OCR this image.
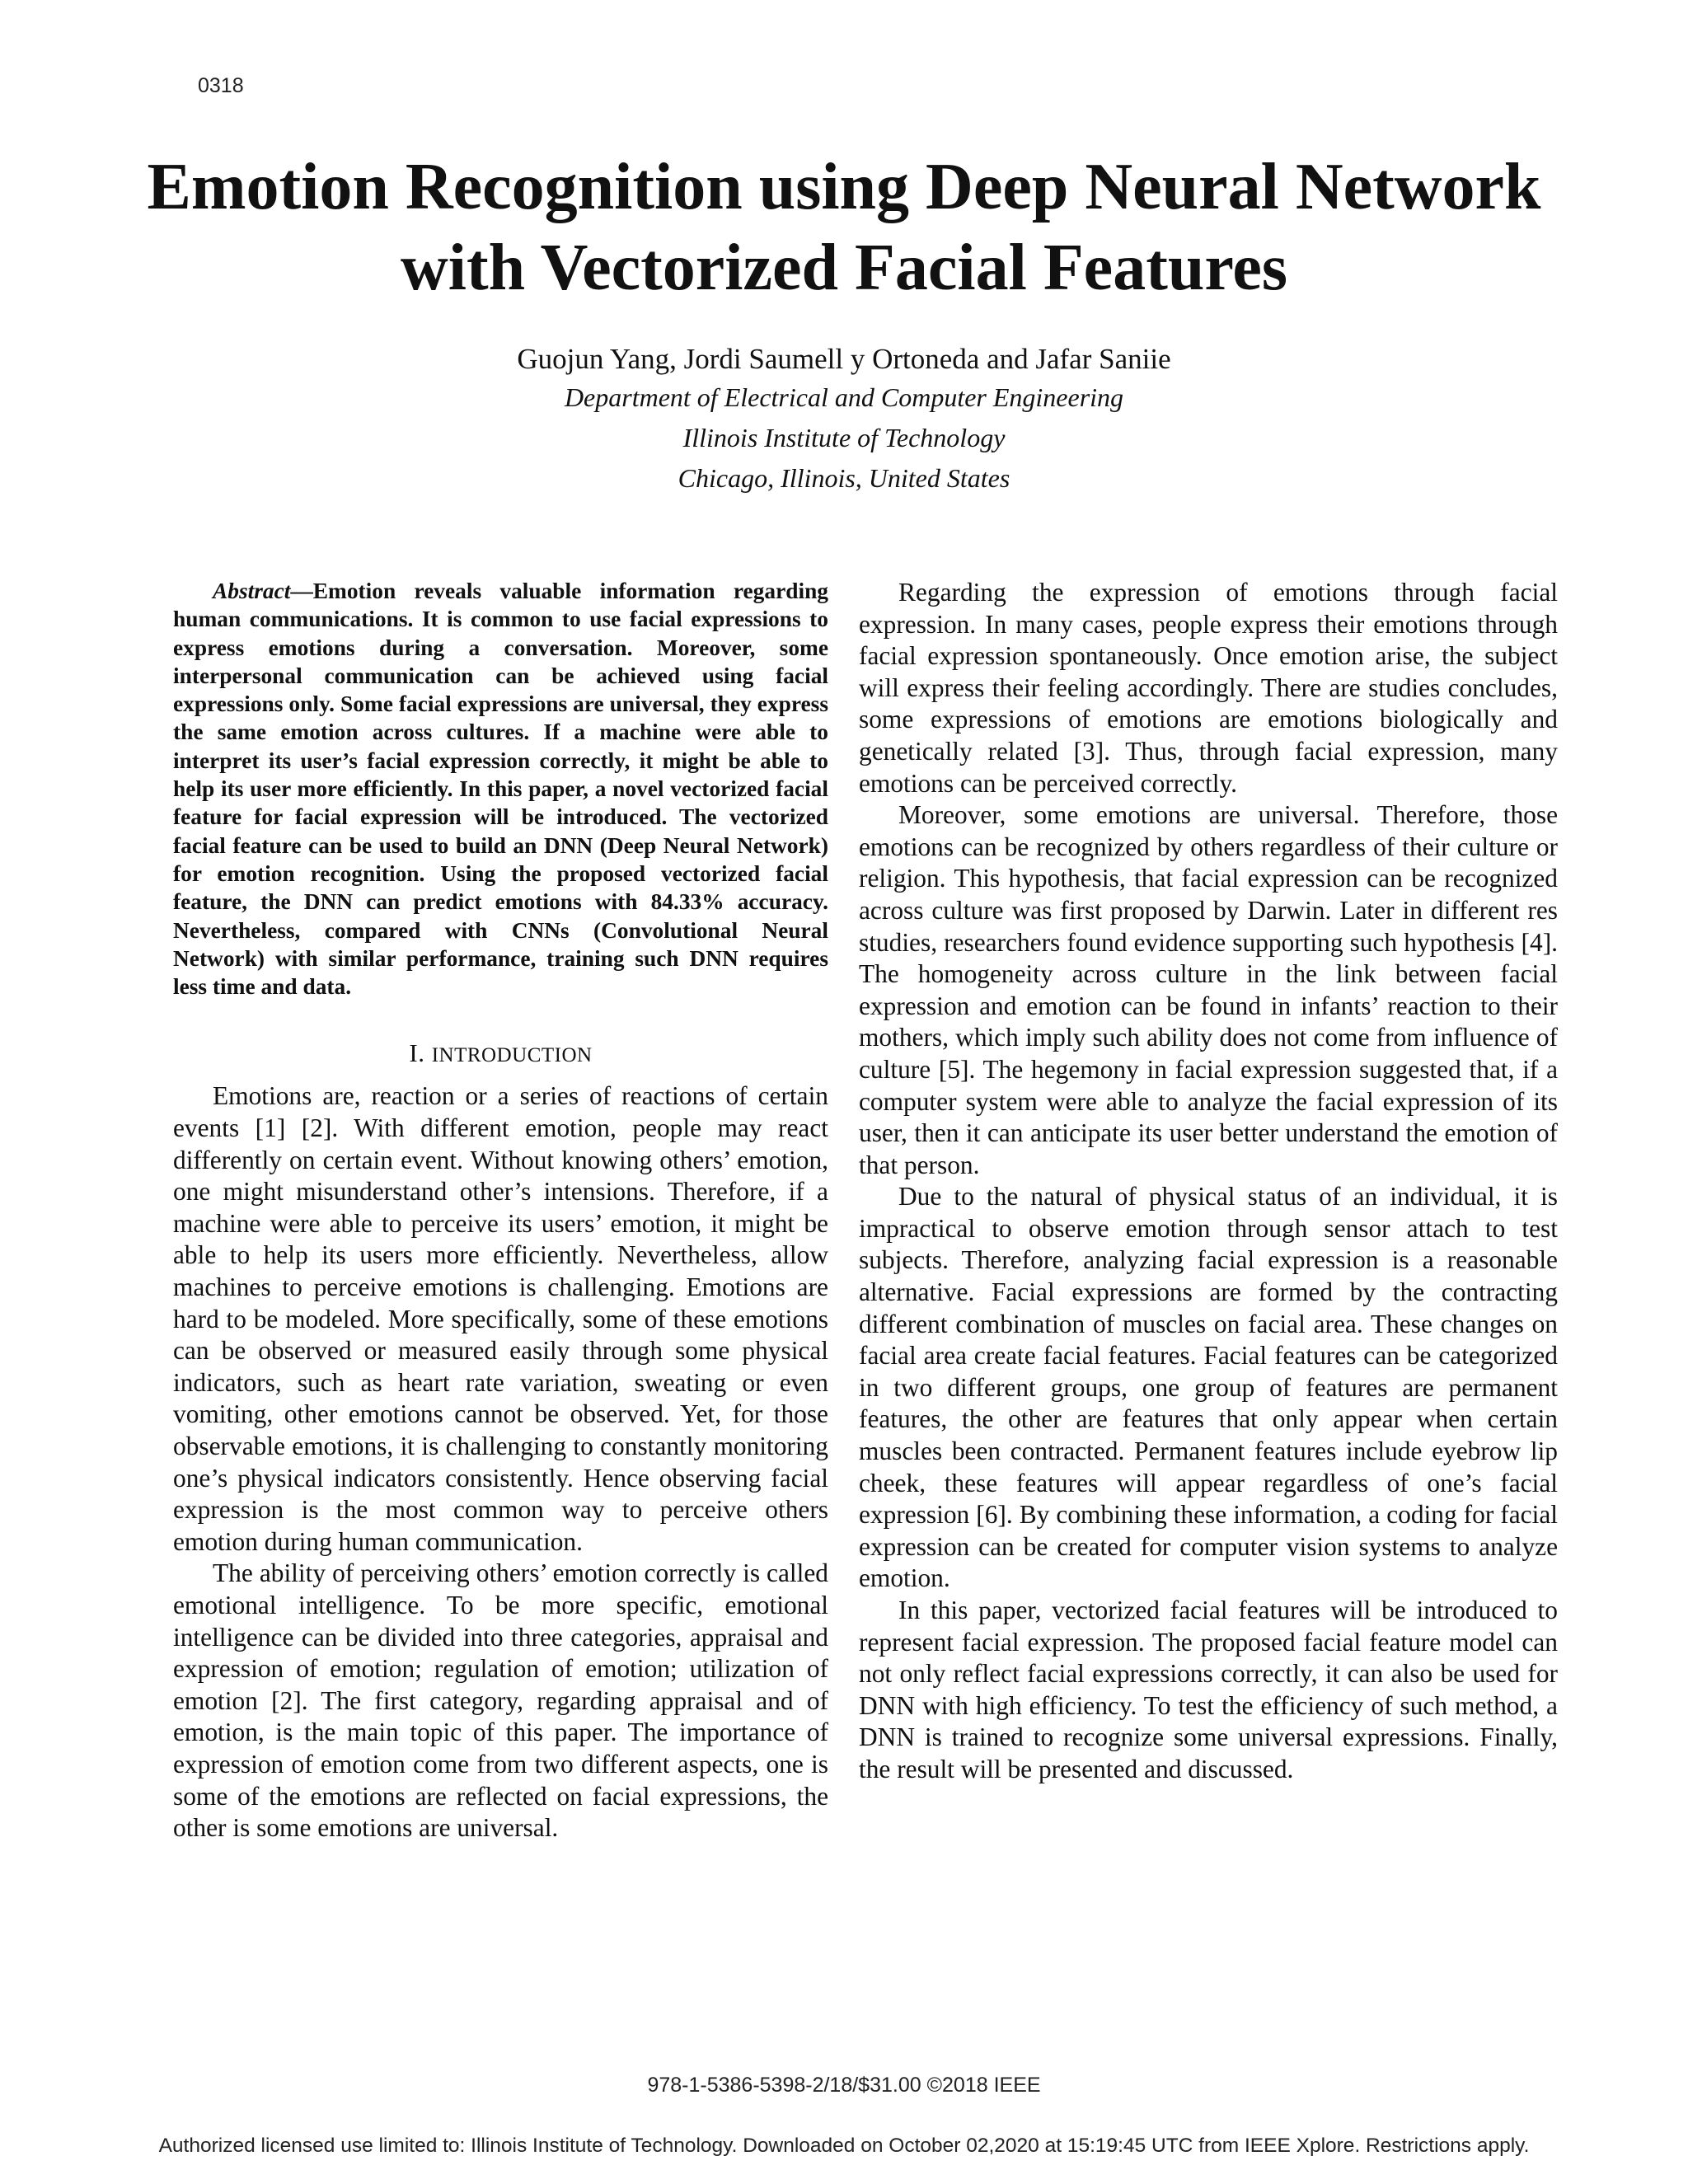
0318
Emotion Recognition using Deep Neural Network
with Vectorized Facial Features
Guojun Yang, Jordi Saumell y Ortoneda and Jafar Saniie
Department of Electrical and Computer Engineering
Illinois Institute of Technology
Chicago, Illinois, United States

Abstract—Emotion reveals valuable information regarding human communications. It is common to use facial expressions to express emotions during a conversation. Moreover, some interpersonal communication can be achieved using facial expressions only. Some facial expressions are universal, they express the same emotion across cultures. If a machine were able to interpret its user’s facial expression correctly, it might be able to help its user more efficiently. In this paper, a novel vectorized facial feature for facial expression will be introduced. The vectorized facial feature can be used to build an DNN (Deep Neural Network) for emotion recognition. Using the proposed vectorized facial feature, the DNN can predict emotions with 84.33% accuracy. Nevertheless, compared with CNNs (Convolutional Neural Network) with similar performance, training such DNN requires less time and data.

I. INTRODUCTION

Emotions are, reaction or a series of reactions of certain events [1] [2]. With different emotion, people may react differently on certain event. Without knowing others’ emotion, one might misunderstand other’s intensions. Therefore, if a machine were able to perceive its users’ emotion, it might be able to help its users more efficiently. Nevertheless, allow machines to perceive emotions is challenging. Emotions are hard to be modeled. More specifically, some of these emotions can be observed or measured easily through some physical indicators, such as heart rate variation, sweating or even vomiting, other emotions cannot be observed. Yet, for those observable emotions, it is challenging to constantly monitoring one’s physical indicators consistently. Hence observing facial expression is the most common way to perceive others emotion during human communication.

The ability of perceiving others’ emotion correctly is called emotional intelligence. To be more specific, emotional intelligence can be divided into three categories, appraisal and expression of emotion; regulation of emotion; utilization of emotion [2]. The first category, regarding appraisal and of emotion, is the main topic of this paper. The importance of expression of emotion come from two different aspects, one is some of the emotions are reflected on facial expressions, the other is some emotions are universal.

Regarding the expression of emotions through facial expression. In many cases, people express their emotions through facial expression spontaneously. Once emotion arise, the subject will express their feeling accordingly. There are studies concludes, some expressions of emotions are emotions biologically and genetically related [3]. Thus, through facial expression, many emotions can be perceived correctly.

Moreover, some emotions are universal. Therefore, those emotions can be recognized by others regardless of their culture or religion. This hypothesis, that facial expression can be recognized across culture was first proposed by Darwin. Later in different res studies, researchers found evidence supporting such hypothesis [4]. The homogeneity across culture in the link between facial expression and emotion can be found in infants’ reaction to their mothers, which imply such ability does not come from influence of culture [5]. The hegemony in facial expression suggested that, if a computer system were able to analyze the facial expression of its user, then it can anticipate its user better understand the emotion of that person.

Due to the natural of physical status of an individual, it is impractical to observe emotion through sensor attach to test subjects. Therefore, analyzing facial expression is a reasonable alternative. Facial expressions are formed by the contracting different combination of muscles on facial area. These changes on facial area create facial features. Facial features can be categorized in two different groups, one group of features are permanent features, the other are features that only appear when certain muscles been contracted. Permanent features include eyebrow lip cheek, these features will appear regardless of one’s facial expression [6]. By combining these information, a coding for facial expression can be created for computer vision systems to analyze emotion.

In this paper, vectorized facial features will be introduced to represent facial expression. The proposed facial feature model can not only reflect facial expressions correctly, it can also be used for DNN with high efficiency. To test the efficiency of such method, a DNN is trained to recognize some universal expressions. Finally, the result will be presented and discussed.

978-1-5386-5398-2/18/$31.00 ©2018 IEEE
Authorized licensed use limited to: Illinois Institute of Technology. Downloaded on October 02,2020 at 15:19:45 UTC from IEEE Xplore. Restrictions apply.
